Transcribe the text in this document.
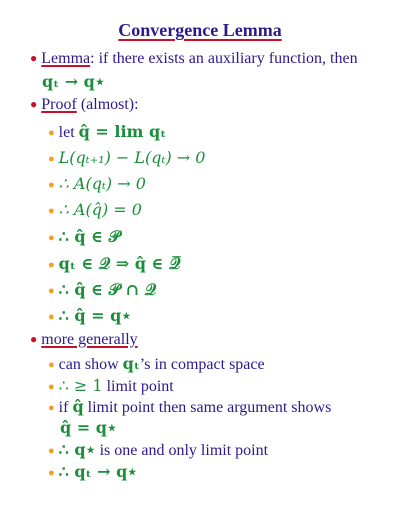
Convergence Lemma
● Lemma: if there exists an auxiliary function, then
qₜ → q⋆
● Proof (almost):
● let q̂ = lim qₜ
● L(qₜ₊₁) − L(qₜ) → 0
● ∴ A(qₜ) → 0
● ∴ A(q̂) = 0
● ∴ q̂ ∈ 𝒫
● qₜ ∈ 𝒬 ⇒ q̂ ∈ 𝒬̅
● ∴ q̂ ∈ 𝒫 ∩ 𝒬
● ∴ q̂ = q⋆
● more generally
● can show qₜ’s in compact space
● ∴ ≥ 1 limit point
● if q̂ limit point then same argument shows
q̂ = q⋆
● ∴ q⋆ is one and only limit point
● ∴ qₜ → q⋆
